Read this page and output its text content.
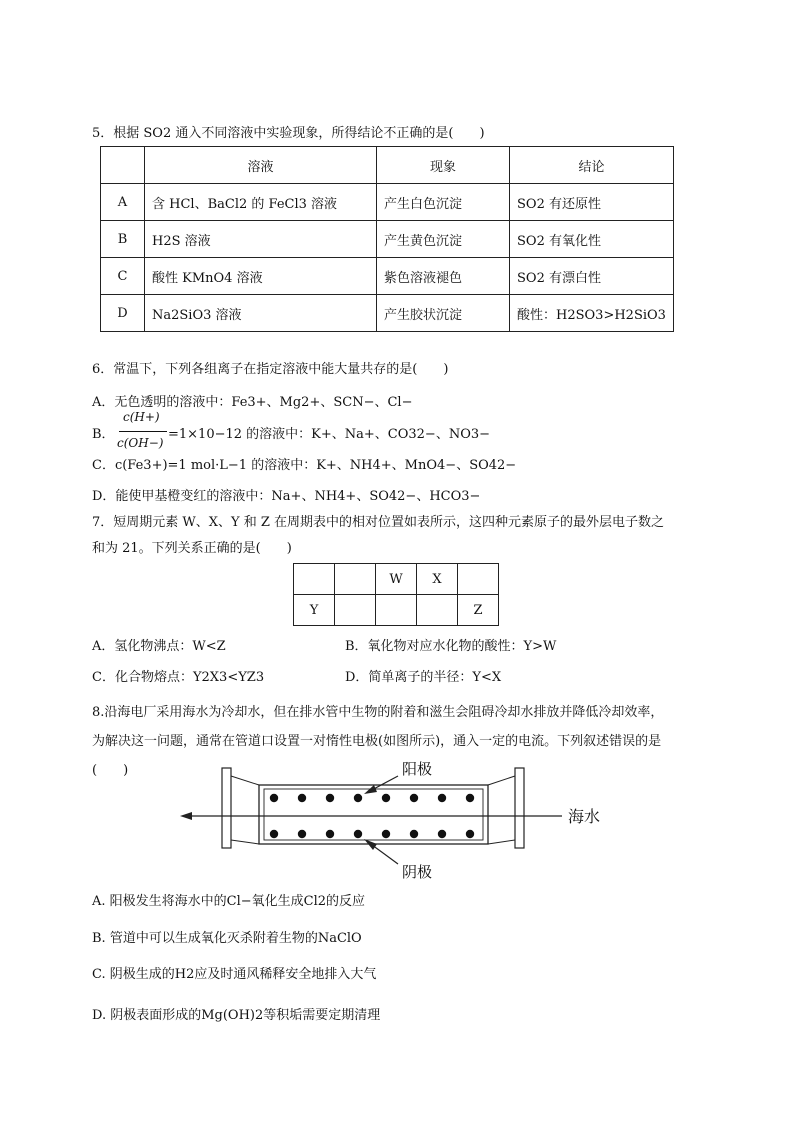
5．根据 SO2 通入不同溶液中实验现象，所得结论不正确的是(　　)
	溶液	现象	结论
A	含 HCl、BaCl2 的 FeCl3 溶液	产生白色沉淀	SO2 有还原性
B	H2S 溶液	产生黄色沉淀	SO2 有氧化性
C	酸性 KMnO4 溶液	紫色溶液褪色	SO2 有漂白性
D	Na2SiO3 溶液	产生胶状沉淀	酸性：H2SO3>H2SiO3
6．常温下，下列各组离子在指定溶液中能大量共存的是(　　)
A．无色透明的溶液中：Fe3+、Mg2+、SCN−、Cl−
B．
c(H+)
c(OH−)
=1×10−12 的溶液中：K+、Na+、CO32−、NO3−
C．c(Fe3+)=1 mol·L−1 的溶液中：K+、NH4+、MnO4−、SO42−
D．能使甲基橙变红的溶液中：Na+、NH4+、SO42−、HCO3−
7．短周期元素 W、X、Y 和 Z 在周期表中的相对位置如表所示，这四种元素原子的最外层电子数之
和为 21。下列关系正确的是(　　)
		W	X	
Y				Z
A．氢化物沸点：W<Z	B．氧化物对应水化物的酸性：Y>W
C．化合物熔点：Y2X3<YZ3	D．简单离子的半径：Y<X
8.沿海电厂采用海水为冷却水，但在排水管中生物的附着和滋生会阻碍冷却水排放并降低冷却效率，
为解决这一问题，通常在管道口设置一对惰性电极(如图所示)，通入一定的电流。下列叙述错误的是
(　　)	阳极
阴极
海水
A. 阳极发生将海水中的Cl−氧化生成Cl2的反应
B. 管道中可以生成氧化灭杀附着生物的NaClO
C. 阴极生成的H2应及时通风稀释安全地排入大气
D. 阴极表面形成的Mg(OH)2等积垢需要定期清理
